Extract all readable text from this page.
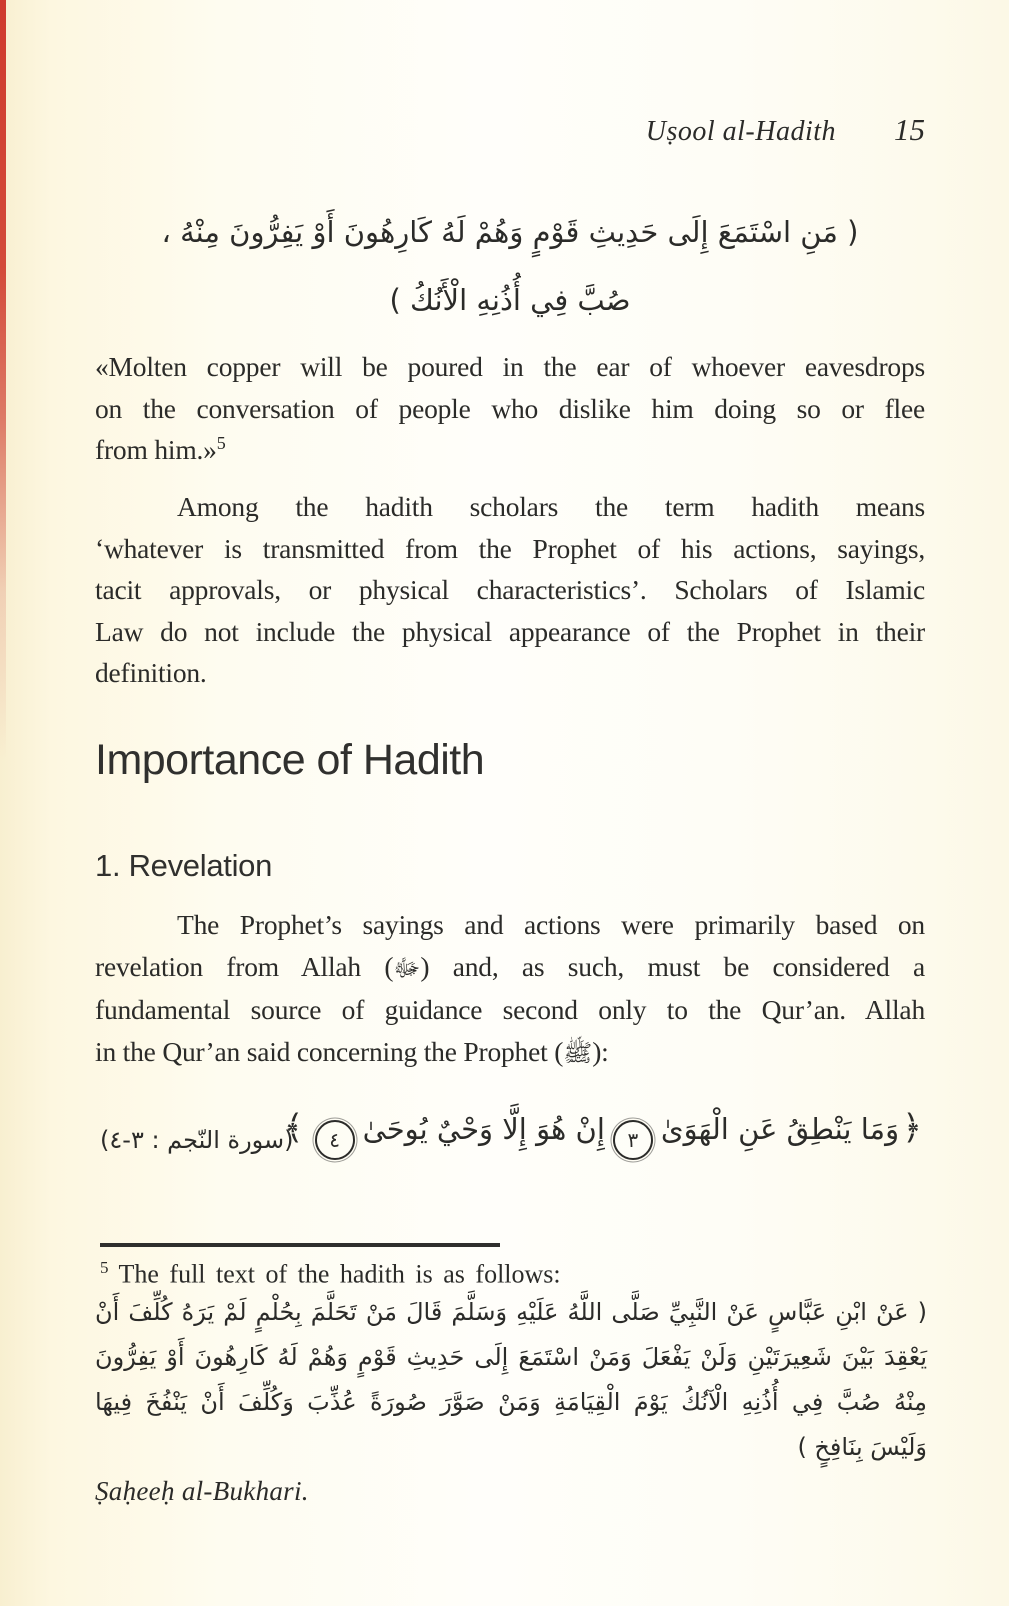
Uṣool al-Hadith 15
( مَنِ اسْتَمَعَ إِلَى حَدِيثِ قَوْمٍ وَهُمْ لَهُ كَارِهُونَ أَوْ يَفِرُّونَ مِنْهُ ،
صُبَّ فِي أُذُنِهِ الْأَنُكُ )
«Molten copper will be poured in the ear of whoever eavesdrops
on the conversation of people who dislike him doing so or flee
from him.»$^5$
Among the hadith scholars the term hadith means
‘whatever is transmitted from the Prophet of his actions, sayings,
tacit approvals, or physical characteristics’. Scholars of Islamic
Law do not include the physical appearance of the Prophet in their
definition.
Importance of Hadith
1. Revelation
The Prophet’s sayings and actions were primarily based on
revelation from Allah (ﷻ) and, as such, must be considered a
fundamental source of guidance second only to the Qur’an. Allah
in the Qur’an said concerning the Prophet (ﷺ):
﴿وَمَا يَنْطِقُ عَنِ الْهَوَىٰ٣إِنْ هُوَ إِلَّا وَحْيٌ يُوحَىٰ٤﴾
(سورة النّجم : ٣-٤)
$^5$ The full text of the hadith is as follows:
( عَنْ ابْنِ عَبَّاسٍ عَنْ النَّبِيِّ صَلَّى اللَّهُ عَلَيْهِ وَسَلَّمَ قَالَ مَنْ تَحَلَّمَ بِحُلْمٍ لَمْ يَرَهُ كُلِّفَ أَنْ
يَعْقِدَ بَيْنَ شَعِيرَتَيْنِ وَلَنْ يَفْعَلَ وَمَنْ اسْتَمَعَ إِلَى حَدِيثِ قَوْمٍ وَهُمْ لَهُ كَارِهُونَ أَوْ يَفِرُّونَ
مِنْهُ صُبَّ فِي أُذُنِهِ الْآنُكُ يَوْمَ الْقِيَامَةِ وَمَنْ صَوَّرَ صُورَةً عُذِّبَ وَكُلِّفَ أَنْ يَنْفُخَ فِيهَا
وَلَيْسَ بِنَافِخٍ )
Ṣaḥeeḥ al-Bukhari.
